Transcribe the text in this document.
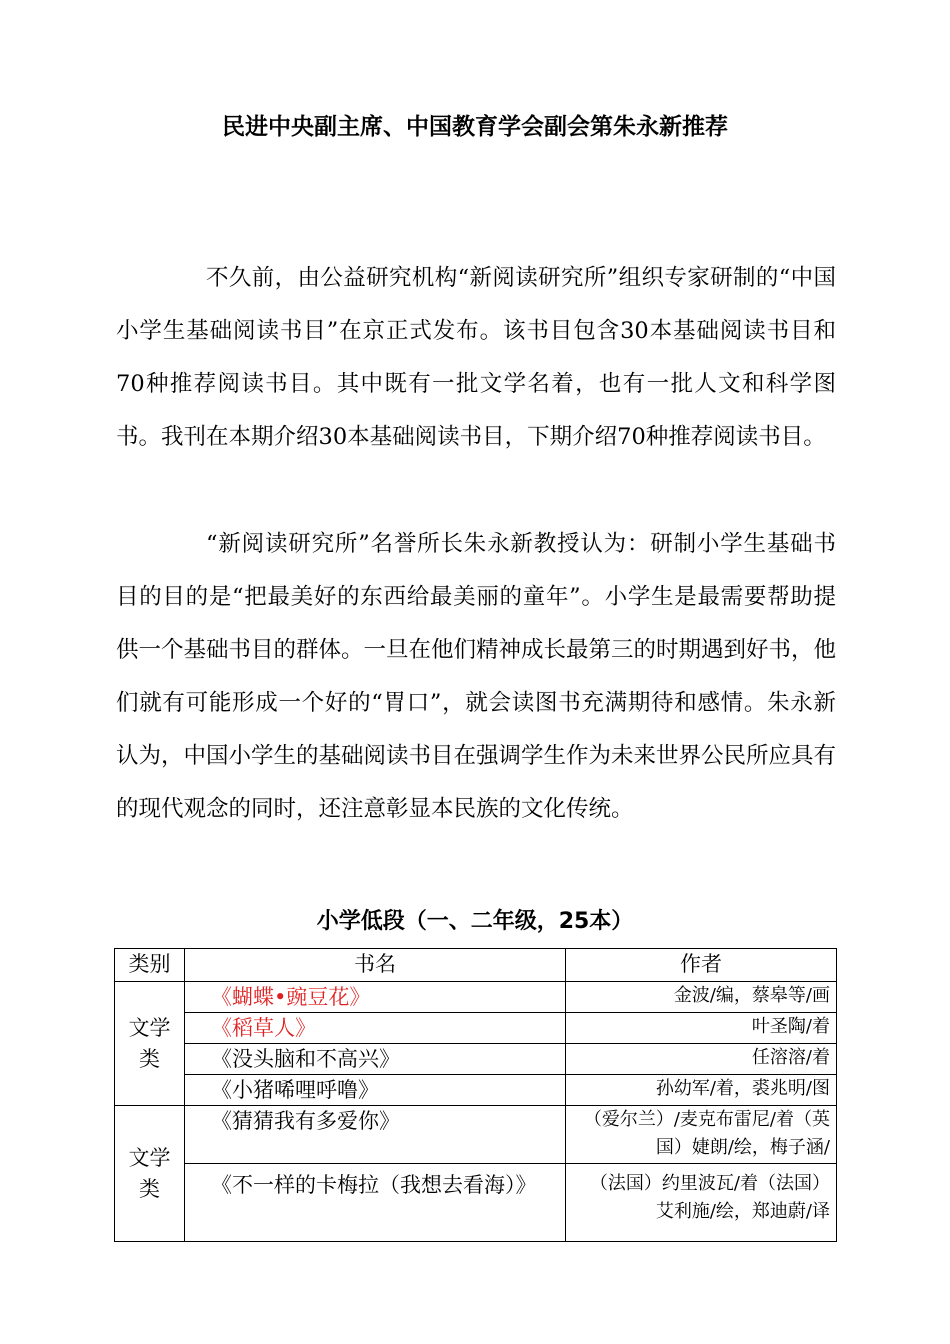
民进中央副主席、中国教育学会副会第朱永新推荐

不久前，由公益研究机构“新阅读研究所”组织专家研制的“中国小学生基础阅读书目”在京正式发布。该书目包含30本基础阅读书目和70种推荐阅读书目。其中既有一批文学名着，也有一批人文和科学图书。我刊在本期介绍30本基础阅读书目，下期介绍70种推荐阅读书目。

“新阅读研究所”名誉所长朱永新教授认为：研制小学生基础书目的目的是“把最美好的东西给最美丽的童年”。小学生是最需要帮助提供一个基础书目的群体。一旦在他们精神成长最第三的时期遇到好书，他们就有可能形成一个好的“胃口”，就会读图书充满期待和感情。朱永新认为，中国小学生的基础阅读书目在强调学生作为未来世界公民所应具有的现代观念的同时，还注意彰显本民族的文化传统。

小学低段（一、二年级，25本）
类别	书名	作者
文学类	《蝴蝶•豌豆花》	金波/编，蔡皋等/画
	《稻草人》	叶圣陶/着
	《没头脑和不高兴》	任溶溶/着
	《小猪唏哩呼噜》	孙幼军/着，裘兆明/图
文学类	《猜猜我有多爱你》	（爱尔兰）/麦克布雷尼/着（英国）婕朗/绘，梅子涵/
	《不一样的卡梅拉（我想去看海）》	（法国）约里波瓦/着（法国）艾利施/绘，郑迪蔚/译
